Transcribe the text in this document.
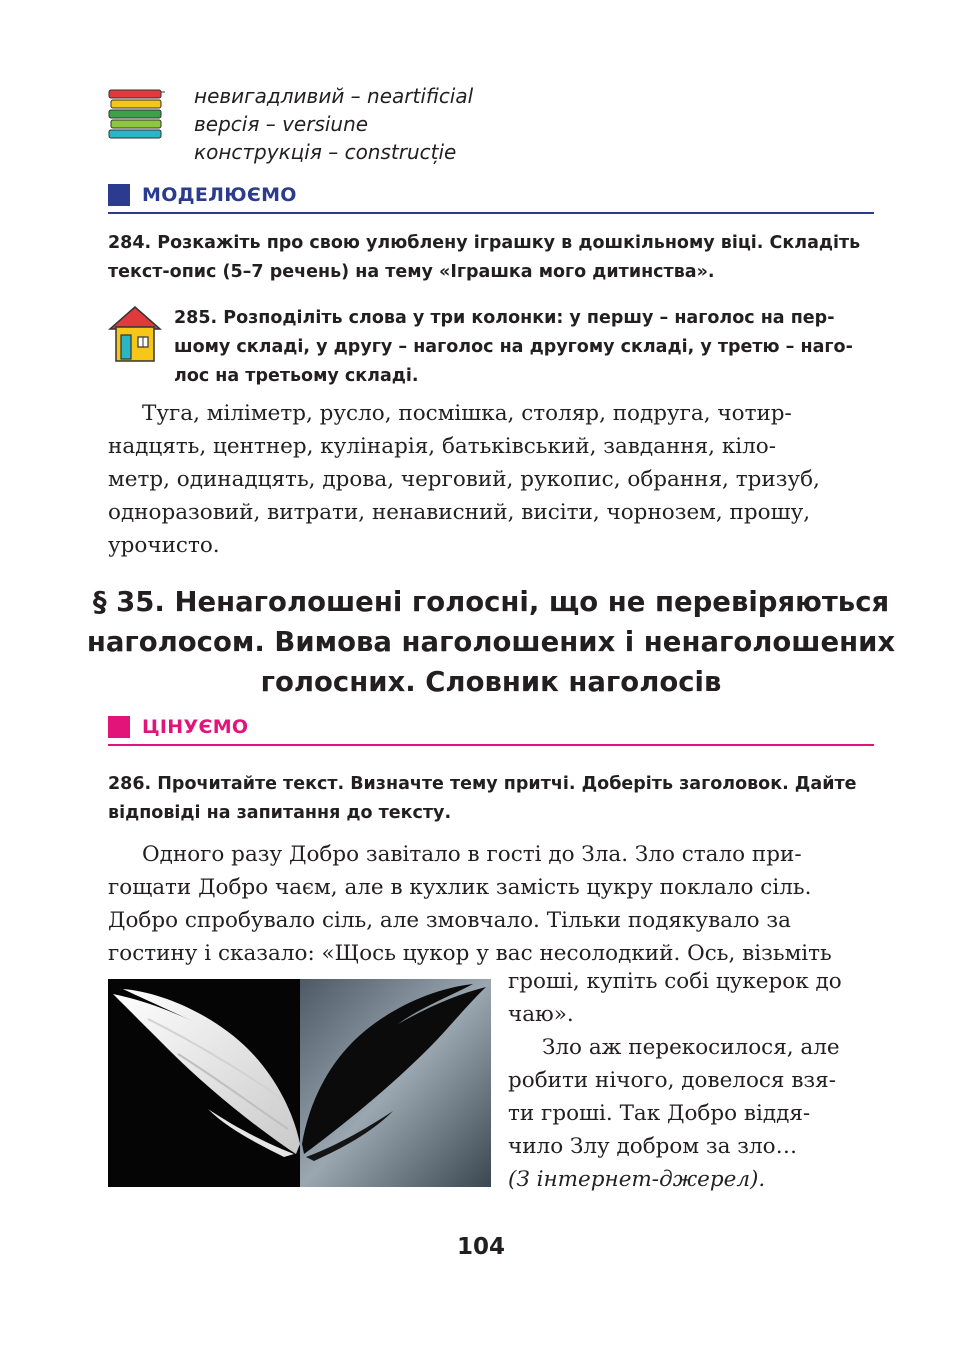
невигадливий – neartificial
версія – versiune
конструкція – construcție
МОДЕЛЮЄМО
284. Розкажіть про свою улюблену іграшку в дошкільному віці. Складіть
текст-опис (5–7 речень) на тему «Іграшка мого дитинства».
285. Розподіліть слова у три колонки: у першу – наголос на пер-
шому складі, у другу – наголос на другому складі, у третю – наго-
лос на третьому складі.
Туга, міліметр, русло, посмішка, столяр, подруга, чотир-
надцять, центнер, кулінарія, батьківський, завдання, кіло-
метр, одинадцять, дрова, черговий, рукопис, обрання, тризуб,
одноразовий, витрати, ненависний, висіти, чорнозем, прошу,
урочисто.
§ 35. Ненаголошені голосні, що не перевіряються
наголосом. Вимова наголошених і ненаголошених
голосних. Словник наголосів
ЦІНУЄМО
286. Прочитайте текст. Визначте тему притчі. Доберіть заголовок. Дайте
відповіді на запитання до тексту.
Одного разу Добро завітало в гості до Зла. Зло стало при-
гощати Добро чаєм, але в кухлик замість цукру поклало сіль.
Добро спробувало сіль, але змовчало. Тільки подякувало за
гостину і сказало: «Щось цукор у вас несолодкий. Ось, візьміть
гроші, купіть собі цукерок до
чаю».
Зло аж перекосилося, але
робити нічого, довелося взя-
ти гроші. Так Добро віддя-
чило Злу добром за зло…
(З інтернет-джерел).
104
